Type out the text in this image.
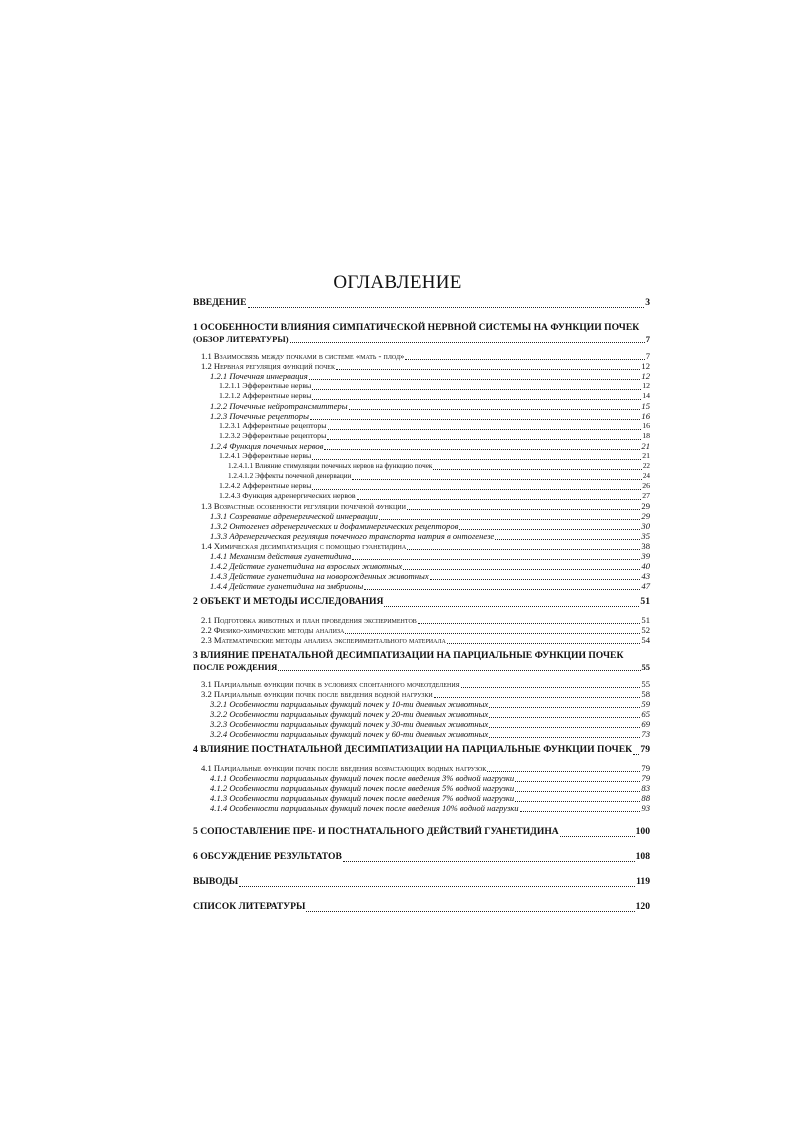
ОГЛАВЛЕНИЕ
ВВЕДЕНИЕ	3
1 ОСОБЕННОСТИ ВЛИЯНИЯ СИМПАТИЧЕСКОЙ НЕРВНОЙ СИСТЕМЫ НА ФУНКЦИИ ПОЧЕК
(ОБЗОР ЛИТЕРАТУРЫ)	7
1.1 Взаимосвязь между почками в системе «мать - плод»	7
1.2 Нервная регуляция функций почек	12
1.2.1 Почечная иннервация	12
1.2.1.1 Эфферентные нервы	12
1.2.1.2 Афферентные нервы	14
1.2.2 Почечные нейротрансмиттеры	15
1.2.3 Почечные рецепторы	16
1.2.3.1 Афферентные рецепторы	16
1.2.3.2 Эфферентные рецепторы	18
1.2.4 Функция почечных нервов	21
1.2.4.1 Эфферентные нервы	21
1.2.4.1.1 Влияние стимуляции почечных нервов на функцию почек	22
1.2.4.1.2 Эффекты почечной денервации	24
1.2.4.2 Афферентные нервы	26
1.2.4.3 Функция адренергических нервов	27
1.3 Возрастные особенности регуляции почечной функции	29
1.3.1 Созревание адренергической иннервации	29
1.3.2 Онтогенез адренергических и дофаминергических рецепторов	30
1.3.3 Адренергическая регуляция почечного транспорта натрия в онтогенезе	35
1.4 Химическая десимпатизация с помощью гуанетидина	38
1.4.1 Механизм действия гуанетидина	39
1.4.2 Действие гуанетидина на взрослых животных	40
1.4.3 Действие гуанетидина на новорожденных животных	43
1.4.4 Действие гуанетидина на эмбрионы	47
2 ОБЪЕКТ И МЕТОДЫ ИССЛЕДОВАНИЯ	51
2.1 Подготовка животных и план проведения экспериментов	51
2.2 Физико-химические методы анализа	52
2.3 Математические методы анализа экспериментального материала	54
3 ВЛИЯНИЕ ПРЕНАТАЛЬНОЙ ДЕСИМПАТИЗАЦИИ НА ПАРЦИАЛЬНЫЕ ФУНКЦИИ ПОЧЕК
ПОСЛЕ РОЖДЕНИЯ	55
3.1 Парциальные функции почек в условиях спонтанного мочеотделения	55
3.2 Парциальные функции почек после введения водной нагрузки	58
3.2.1 Особенности парциальных функций почек у 10-ти дневных животных	59
3.2.2 Особенности парциальных функций почек у 20-ти дневных животных	65
3.2.3 Особенности парциальных функций почек у 30-ти дневных животных	69
3.2.4 Особенности парциальных функций почек у 60-ти дневных животных	73
4 ВЛИЯНИЕ ПОСТНАТАЛЬНОЙ ДЕСИМПАТИЗАЦИИ НА ПАРЦИАЛЬНЫЕ ФУНКЦИИ ПОЧЕК 79
4.1 Парциальные функции почек после введения возрастающих водных нагрузок	79
4.1.1 Особенности парциальных функций почек после введения 3% водной нагрузки	79
4.1.2 Особенности парциальных функций почек после введения 5% водной нагрузки	83
4.1.3 Особенности парциальных функций почек после введения 7% водной нагрузки	88
4.1.4 Особенности парциальных функций почек после введения 10% водной нагрузки	93
5 СОПОСТАВЛЕНИЕ ПРЕ- И ПОСТНАТАЛЬНОГО ДЕЙСТВИЙ ГУАНЕТИДИНА	100
6 ОБСУЖДЕНИЕ РЕЗУЛЬТАТОВ	108
ВЫВОДЫ	119
СПИСОК ЛИТЕРАТУРЫ	120
